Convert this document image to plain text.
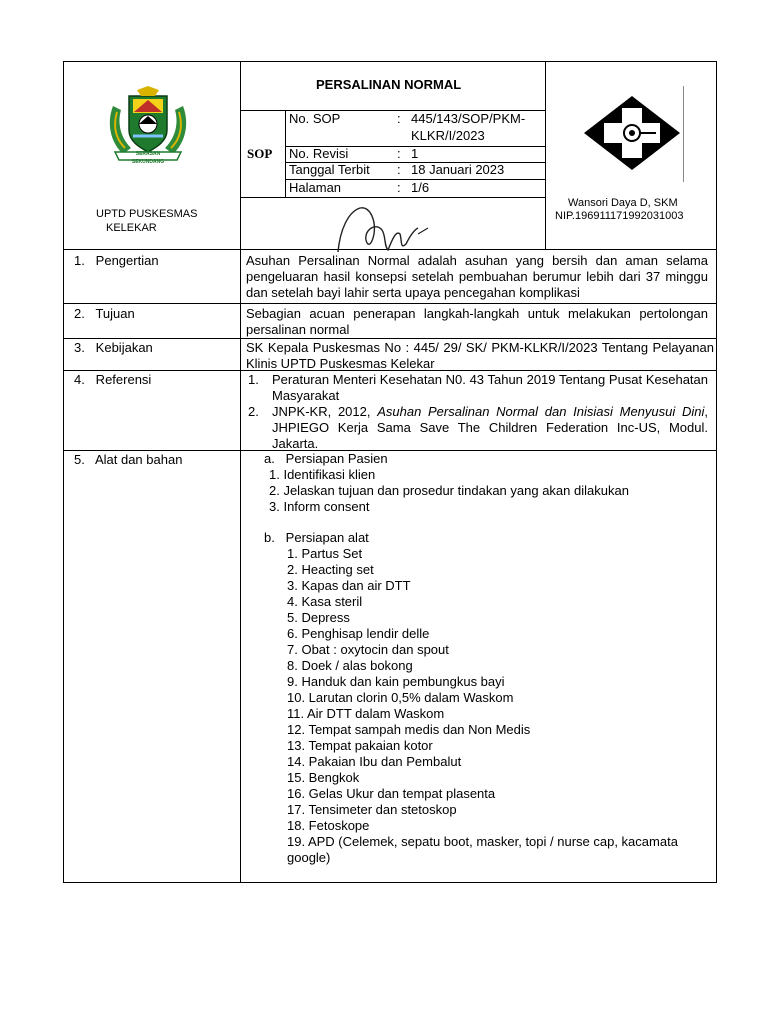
SERASAN SEKUNDANG
UPTD PUSKESMAS
KELEKAR
PERSALINAN NORMAL
SOP
No. SOP	: 445/143/SOP/PKM-
KLKR/I/2023
No. Revisi	: 1
Tanggal Terbit : 18 Januari 2023
Halaman	: 1/6
Wansori Daya D, SKM
NIP.196911171992031003
1.   Pengertian	Asuhan Persalinan Normal adalah asuhan yang bersih dan aman selama pengeluaran hasil konsepsi setelah pembuahan berumur lebih dari 37 minggu dan setelah bayi lahir serta upaya pencegahan komplikasi
2.   Tujuan	Sebagian acuan penerapan langkah-langkah untuk melakukan pertolongan persalinan normal
3.   Kebijakan	SK Kepala Puskesmas No : 445/ 29/ SK/ PKM-KLKR/I/2023 Tentang Pelayanan Klinis UPTD Puskesmas Kelekar
4.   Referensi	1. Peraturan Menteri Kesehatan N0. 43 Tahun 2019 Tentang Pusat Kesehatan Masyarakat
2. JNPK-KR, 2012, Asuhan Persalinan Normal dan Inisiasi Menyusui Dini, JHPIEGO Kerja Sama Save The Children Federation Inc-US, Modul. Jakarta.
5.   Alat dan bahan	a.   Persiapan Pasien
1. Identifikasi klien
2. Jelaskan tujuan dan prosedur tindakan yang akan dilakukan
3. Inform consent
b.   Persiapan alat
1. Partus Set
2. Heacting set
3. Kapas dan air DTT
4. Kasa steril
5. Depress
6. Penghisap lendir delle
7. Obat : oxytocin dan spout
8. Doek / alas bokong
9. Handuk dan kain pembungkus bayi
10. Larutan clorin 0,5% dalam Waskom
11. Air DTT dalam Waskom
12. Tempat sampah medis dan Non Medis
13. Tempat pakaian kotor
14. Pakaian Ibu dan Pembalut
15. Bengkok
16. Gelas Ukur dan tempat plasenta
17. Tensimeter dan stetoskop
18. Fetoskope
19. APD (Celemek, sepatu boot, masker, topi / nurse cap, kacamata
google)
